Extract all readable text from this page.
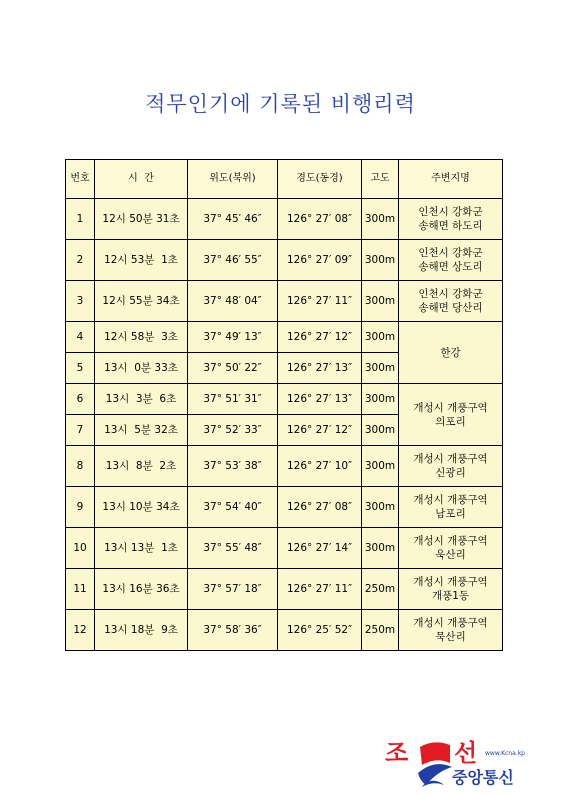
적무인기에 기록된 비행리력
번호	시  간	위도(북위)	경도(동경)	고도	주변지명
1	12시 50분 31초	37° 45′ 46″	126° 27′ 08″	300m	인천시 강화군
송해면 하도리
2	12시 53분  1초	37° 46′ 55″	126° 27′ 09″	300m	인천시 강화군
송해면 상도리
3	12시 55분 34초	37° 48′ 04″	126° 27′ 11″	300m	인천시 강화군
송해면 당산리
4	12시 58분  3초	37° 49′ 13″	126° 27′ 12″	300m	한강
5	13시  0분 33초	37° 50′ 22″	126° 27′ 13″	300m	
6	13시  3분  6초	37° 51′ 31″	126° 27′ 13″	300m	개성시 개풍구역
의포리
7	13시  5분 32초	37° 52′ 33″	126° 27′ 12″	300m	
8	13시  8분  2초	37° 53′ 38″	126° 27′ 10″	300m	개성시 개풍구역
신광리
9	13시 10분 34초	37° 54′ 40″	126° 27′ 08″	300m	개성시 개풍구역
남포리
10	13시 13분  1초	37° 55′ 48″	126° 27′ 14″	300m	개성시 개풍구역
욱산리
11	13시 16분 36초	37° 57′ 18″	126° 27′ 11″	250m	개성시 개풍구역
개풍1동
12	13시 18분  9초	37° 58′ 36″	126° 25′ 52″	250m	개성시 개풍구역
묵산리
조 선 www.Kcna.kp
중앙통신
